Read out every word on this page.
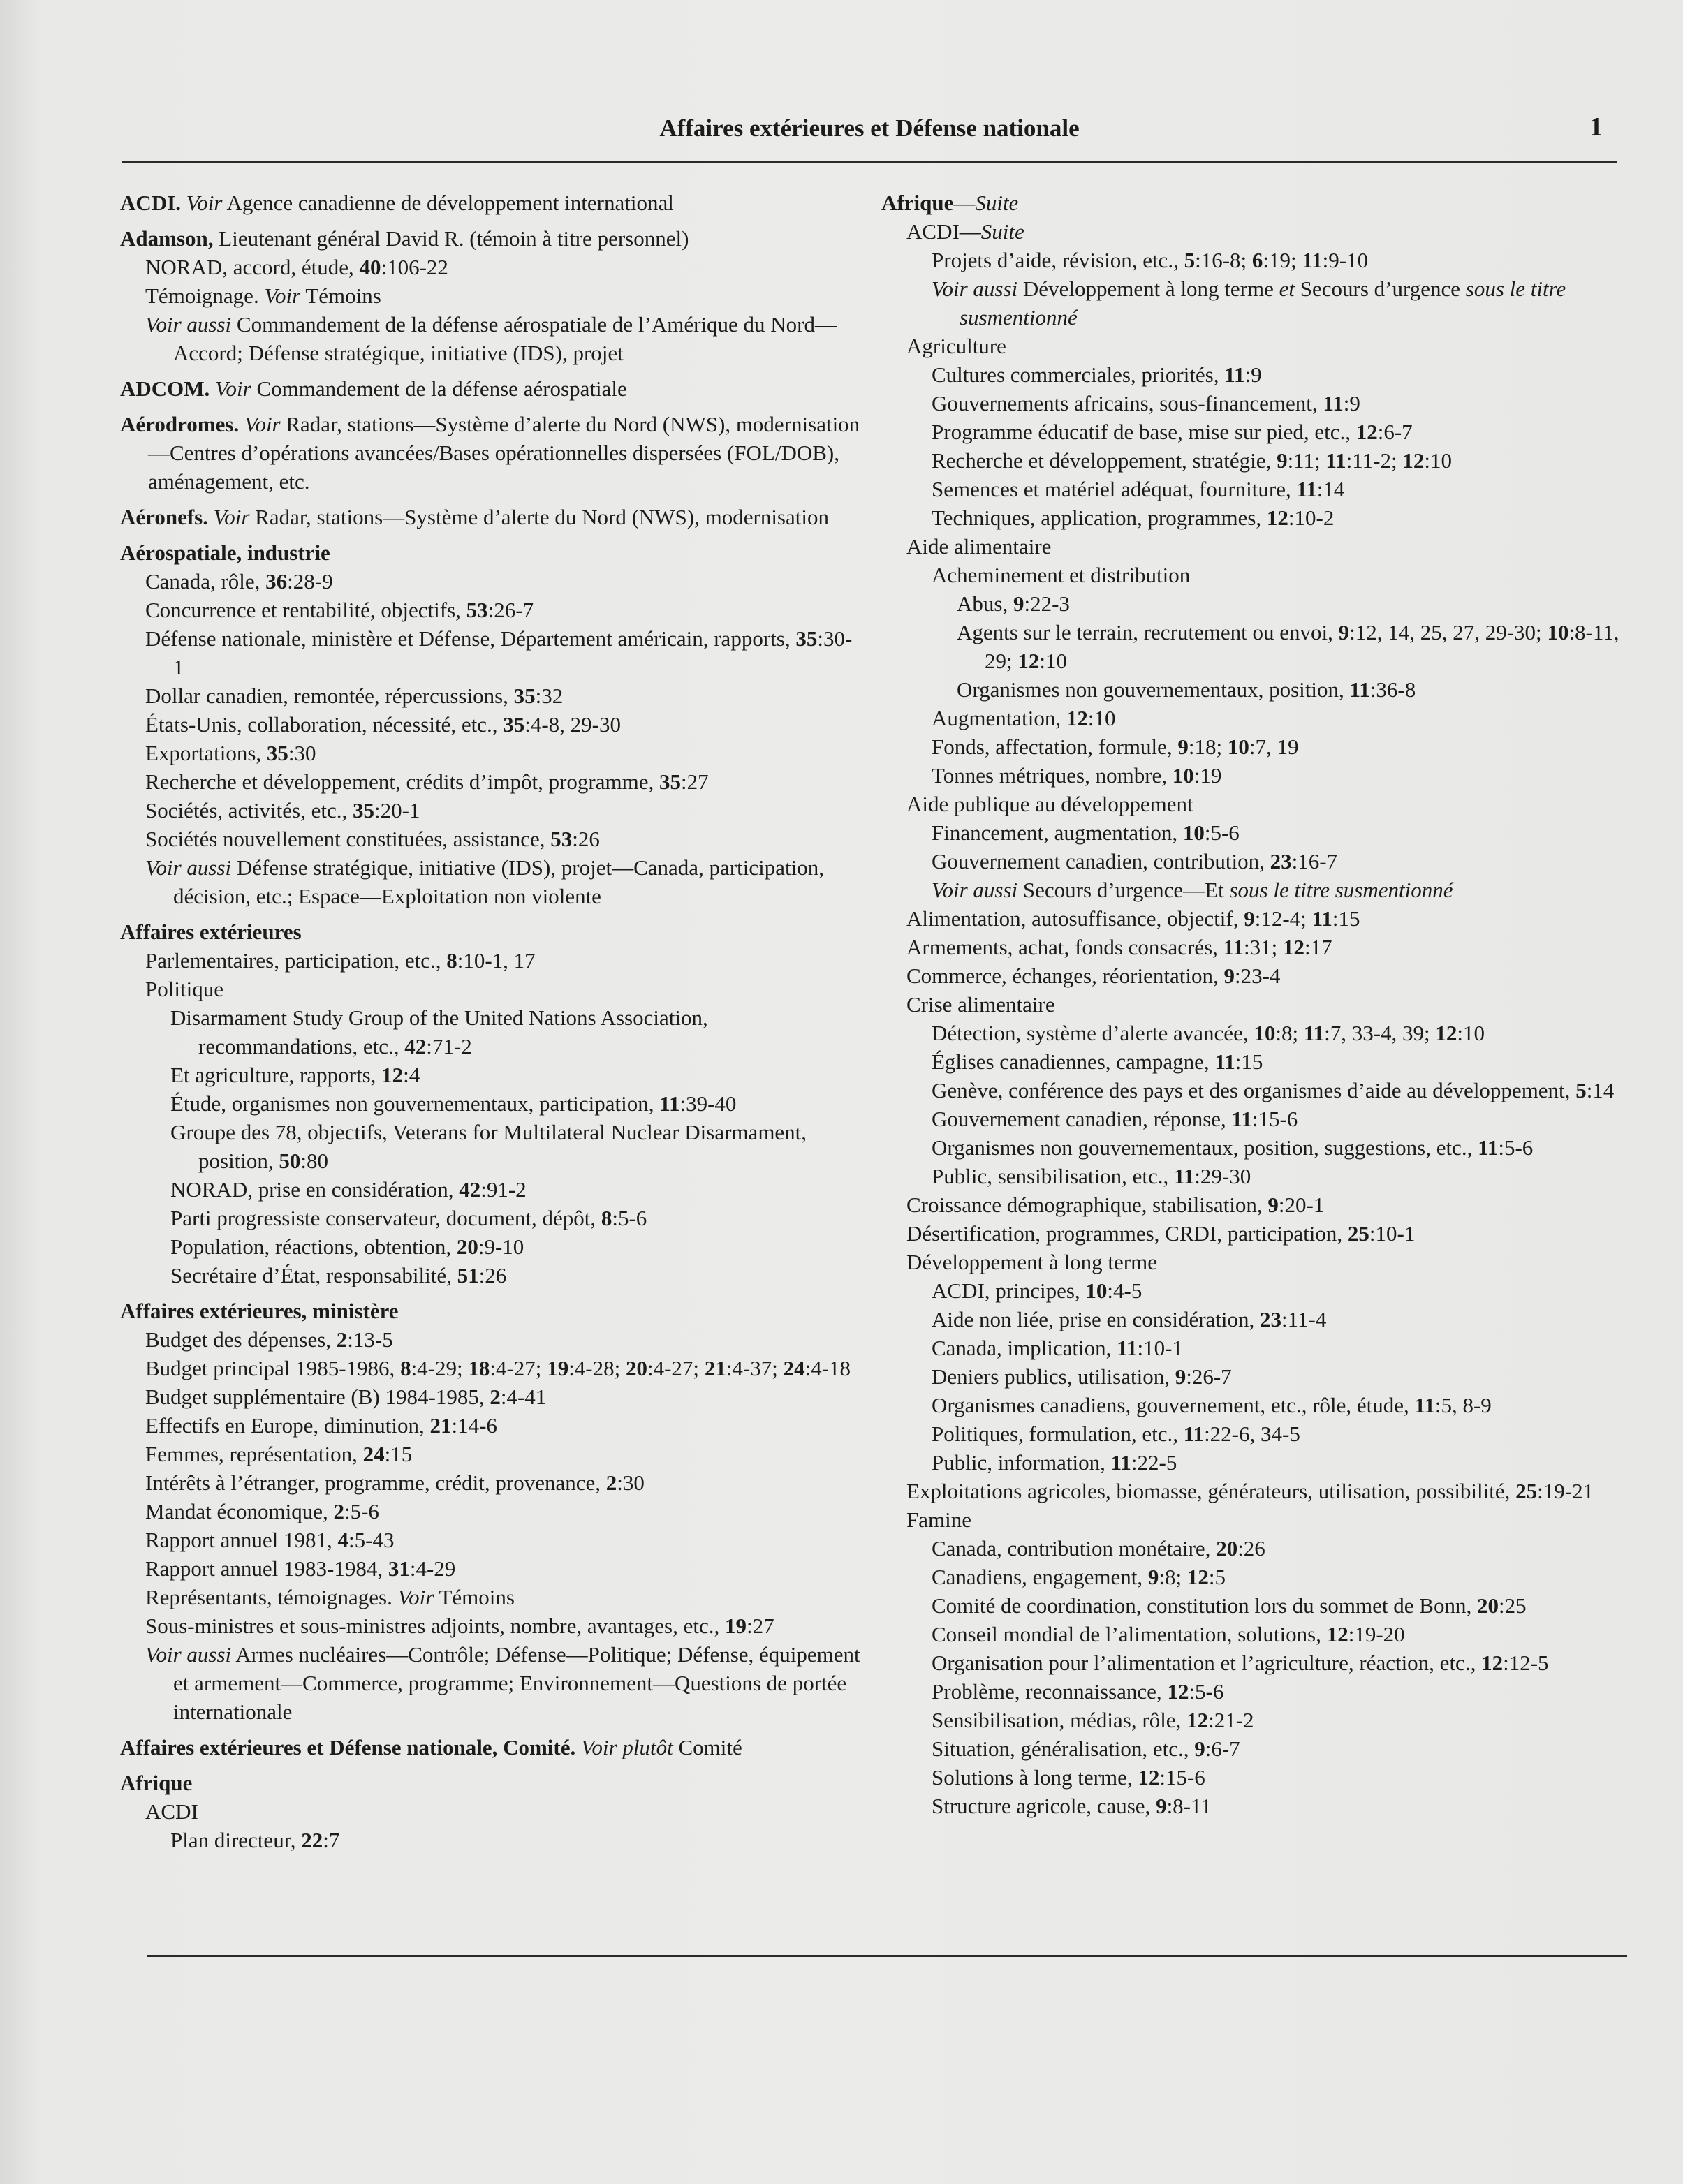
Affaires extérieures et Défense nationale	1
ACDI. Voir Agence canadienne de développement international
Adamson, Lieutenant général David R. (témoin à titre personnel)
NORAD, accord, étude, 40:106-22
Témoignage. Voir Témoins
Voir aussi Commandement de la défense aérospatiale de l’Amérique du Nord—Accord; Défense stratégique, initiative (IDS), projet
ADCOM. Voir Commandement de la défense aérospatiale
Aérodromes. Voir Radar, stations—Système d’alerte du Nord (NWS), modernisation—Centres d’opérations avancées/Bases opérationnelles dispersées (FOL/DOB), aménagement, etc.
Aéronefs. Voir Radar, stations—Système d’alerte du Nord (NWS), modernisation
Aérospatiale, industrie
Canada, rôle, 36:28-9
Concurrence et rentabilité, objectifs, 53:26-7
Défense nationale, ministère et Défense, Département américain, rapports, 35:30-1
Dollar canadien, remontée, répercussions, 35:32
États-Unis, collaboration, nécessité, etc., 35:4-8, 29-30
Exportations, 35:30
Recherche et développement, crédits d’impôt, programme, 35:27
Sociétés, activités, etc., 35:20-1
Sociétés nouvellement constituées, assistance, 53:26
Voir aussi Défense stratégique, initiative (IDS), projet—Canada, participation, décision, etc.; Espace—Exploitation non violente
Affaires extérieures
Parlementaires, participation, etc., 8:10-1, 17
Politique
Disarmament Study Group of the United Nations Association, recommandations, etc., 42:71-2
Et agriculture, rapports, 12:4
Étude, organismes non gouvernementaux, participation, 11:39-40
Groupe des 78, objectifs, Veterans for Multilateral Nuclear Disarmament, position, 50:80
NORAD, prise en considération, 42:91-2
Parti progressiste conservateur, document, dépôt, 8:5-6
Population, réactions, obtention, 20:9-10
Secrétaire d’État, responsabilité, 51:26
Affaires extérieures, ministère
Budget des dépenses, 2:13-5
Budget principal 1985-1986, 8:4-29; 18:4-27; 19:4-28; 20:4-27; 21:4-37; 24:4-18
Budget supplémentaire (B) 1984-1985, 2:4-41
Effectifs en Europe, diminution, 21:14-6
Femmes, représentation, 24:15
Intérêts à l’étranger, programme, crédit, provenance, 2:30
Mandat économique, 2:5-6
Rapport annuel 1981, 4:5-43
Rapport annuel 1983-1984, 31:4-29
Représentants, témoignages. Voir Témoins
Sous-ministres et sous-ministres adjoints, nombre, avantages, etc., 19:27
Voir aussi Armes nucléaires—Contrôle; Défense—Politique; Défense, équipement et armement—Commerce, programme; Environnement—Questions de portée internationale
Affaires extérieures et Défense nationale, Comité. Voir plutôt Comité
Afrique
ACDI
Plan directeur, 22:7
Afrique—Suite
ACDI—Suite
Projets d’aide, révision, etc., 5:16-8; 6:19; 11:9-10
Voir aussi Développement à long terme et Secours d’urgence sous le titre susmentionné
Agriculture
Cultures commerciales, priorités, 11:9
Gouvernements africains, sous-financement, 11:9
Programme éducatif de base, mise sur pied, etc., 12:6-7
Recherche et développement, stratégie, 9:11; 11:11-2; 12:10
Semences et matériel adéquat, fourniture, 11:14
Techniques, application, programmes, 12:10-2
Aide alimentaire
Acheminement et distribution
Abus, 9:22-3
Agents sur le terrain, recrutement ou envoi, 9:12, 14, 25, 27, 29-30; 10:8-11, 29; 12:10
Organismes non gouvernementaux, position, 11:36-8
Augmentation, 12:10
Fonds, affectation, formule, 9:18; 10:7, 19
Tonnes métriques, nombre, 10:19
Aide publique au développement
Financement, augmentation, 10:5-6
Gouvernement canadien, contribution, 23:16-7
Voir aussi Secours d’urgence—Et sous le titre susmentionné
Alimentation, autosuffisance, objectif, 9:12-4; 11:15
Armements, achat, fonds consacrés, 11:31; 12:17
Commerce, échanges, réorientation, 9:23-4
Crise alimentaire
Détection, système d’alerte avancée, 10:8; 11:7, 33-4, 39; 12:10
Églises canadiennes, campagne, 11:15
Genève, conférence des pays et des organismes d’aide au développement, 5:14
Gouvernement canadien, réponse, 11:15-6
Organismes non gouvernementaux, position, suggestions, etc., 11:5-6
Public, sensibilisation, etc., 11:29-30
Croissance démographique, stabilisation, 9:20-1
Désertification, programmes, CRDI, participation, 25:10-1
Développement à long terme
ACDI, principes, 10:4-5
Aide non liée, prise en considération, 23:11-4
Canada, implication, 11:10-1
Deniers publics, utilisation, 9:26-7
Organismes canadiens, gouvernement, etc., rôle, étude, 11:5, 8-9
Politiques, formulation, etc., 11:22-6, 34-5
Public, information, 11:22-5
Exploitations agricoles, biomasse, générateurs, utilisation, possibilité, 25:19-21
Famine
Canada, contribution monétaire, 20:26
Canadiens, engagement, 9:8; 12:5
Comité de coordination, constitution lors du sommet de Bonn, 20:25
Conseil mondial de l’alimentation, solutions, 12:19-20
Organisation pour l’alimentation et l’agriculture, réaction, etc., 12:12-5
Problème, reconnaissance, 12:5-6
Sensibilisation, médias, rôle, 12:21-2
Situation, généralisation, etc., 9:6-7
Solutions à long terme, 12:15-6
Structure agricole, cause, 9:8-11
